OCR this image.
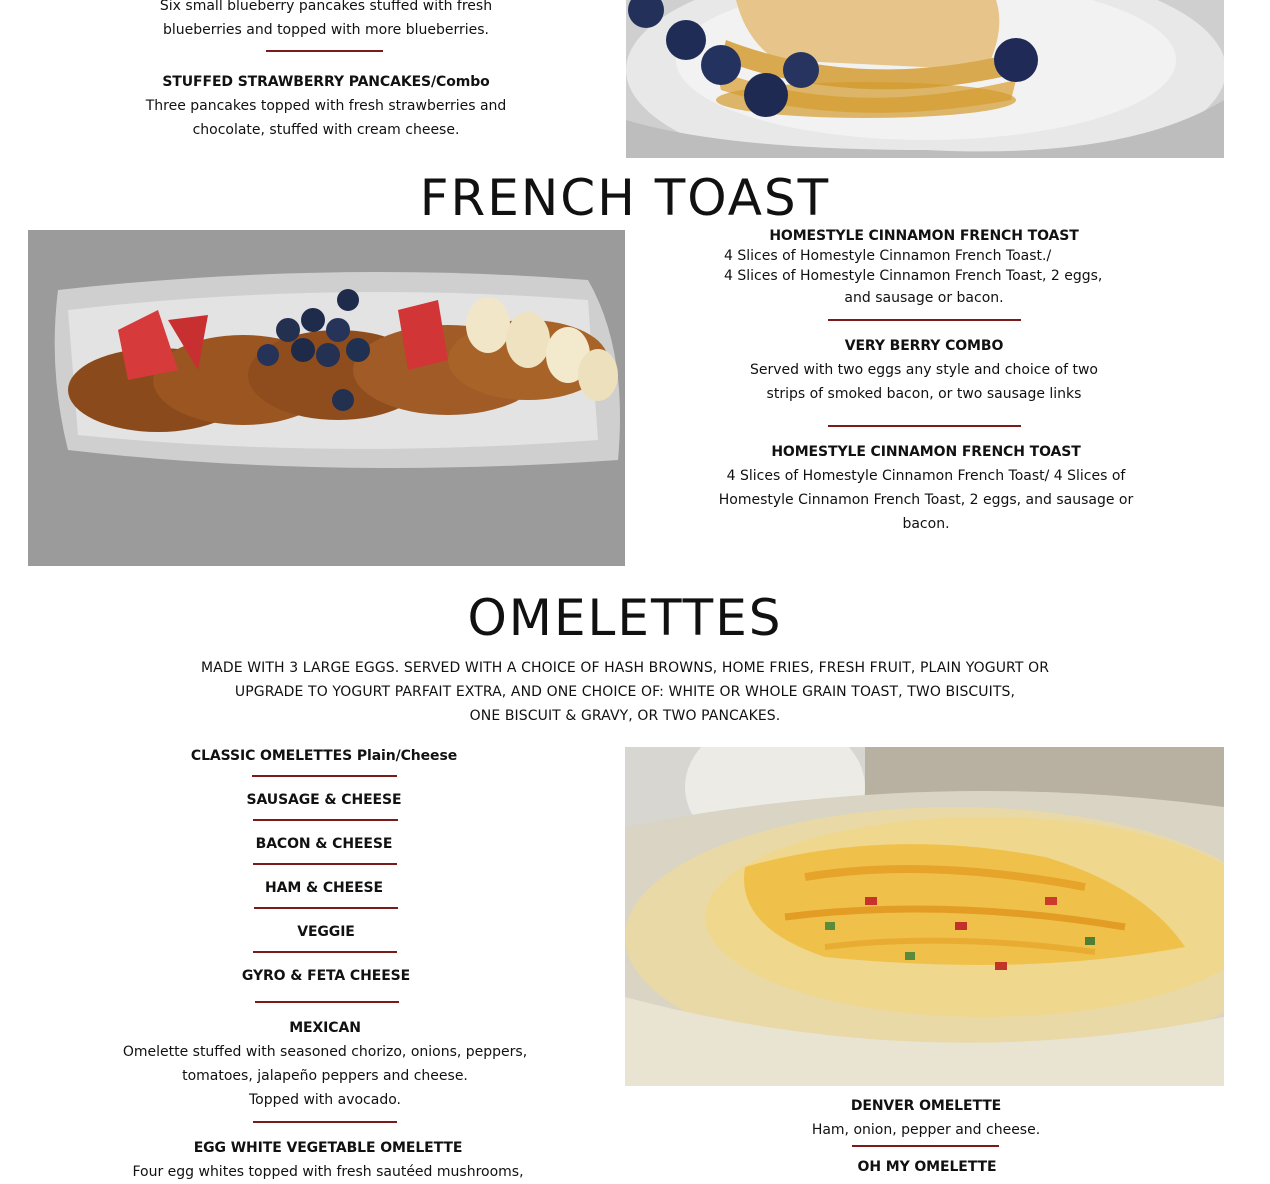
Six small blueberry pancakes stuffed with fresh
blueberries and topped with more blueberries.
STUFFED STRAWBERRY PANCAKES/Combo
Three pancakes topped with fresh strawberries and
chocolate, stuffed with cream cheese.
FRENCH TOAST
HOMESTYLE CINNAMON FRENCH TOAST
4 Slices of Homestyle Cinnamon French Toast./
4 Slices of Homestyle Cinnamon French Toast, 2 eggs,
and sausage or bacon.
VERY BERRY COMBO
Served with two eggs any style and choice of two
strips of smoked bacon, or two sausage links
HOMESTYLE CINNAMON FRENCH TOAST
4 Slices of Homestyle Cinnamon French Toast/ 4 Slices of
Homestyle Cinnamon French Toast, 2 eggs, and sausage or
bacon.
OMELETTES
MADE WITH 3 LARGE EGGS. SERVED WITH A CHOICE OF HASH BROWNS, HOME FRIES, FRESH FRUIT, PLAIN YOGURT OR
UPGRADE TO YOGURT PARFAIT EXTRA, AND ONE CHOICE OF: WHITE OR WHOLE GRAIN TOAST, TWO BISCUITS,
ONE BISCUIT & GRAVY, OR TWO PANCAKES.
CLASSIC OMELETTES Plain/Cheese
SAUSAGE & CHEESE
BACON & CHEESE
HAM & CHEESE
VEGGIE
GYRO & FETA CHEESE
MEXICAN
Omelette stuffed with seasoned chorizo, onions, peppers,
tomatoes, jalapeño peppers and cheese.
Topped with avocado.
EGG WHITE VEGETABLE OMELETTE
Four egg whites topped with fresh sautéed mushrooms,
DENVER OMELETTE
Ham, onion, pepper and cheese.
OH MY OMELETTE
